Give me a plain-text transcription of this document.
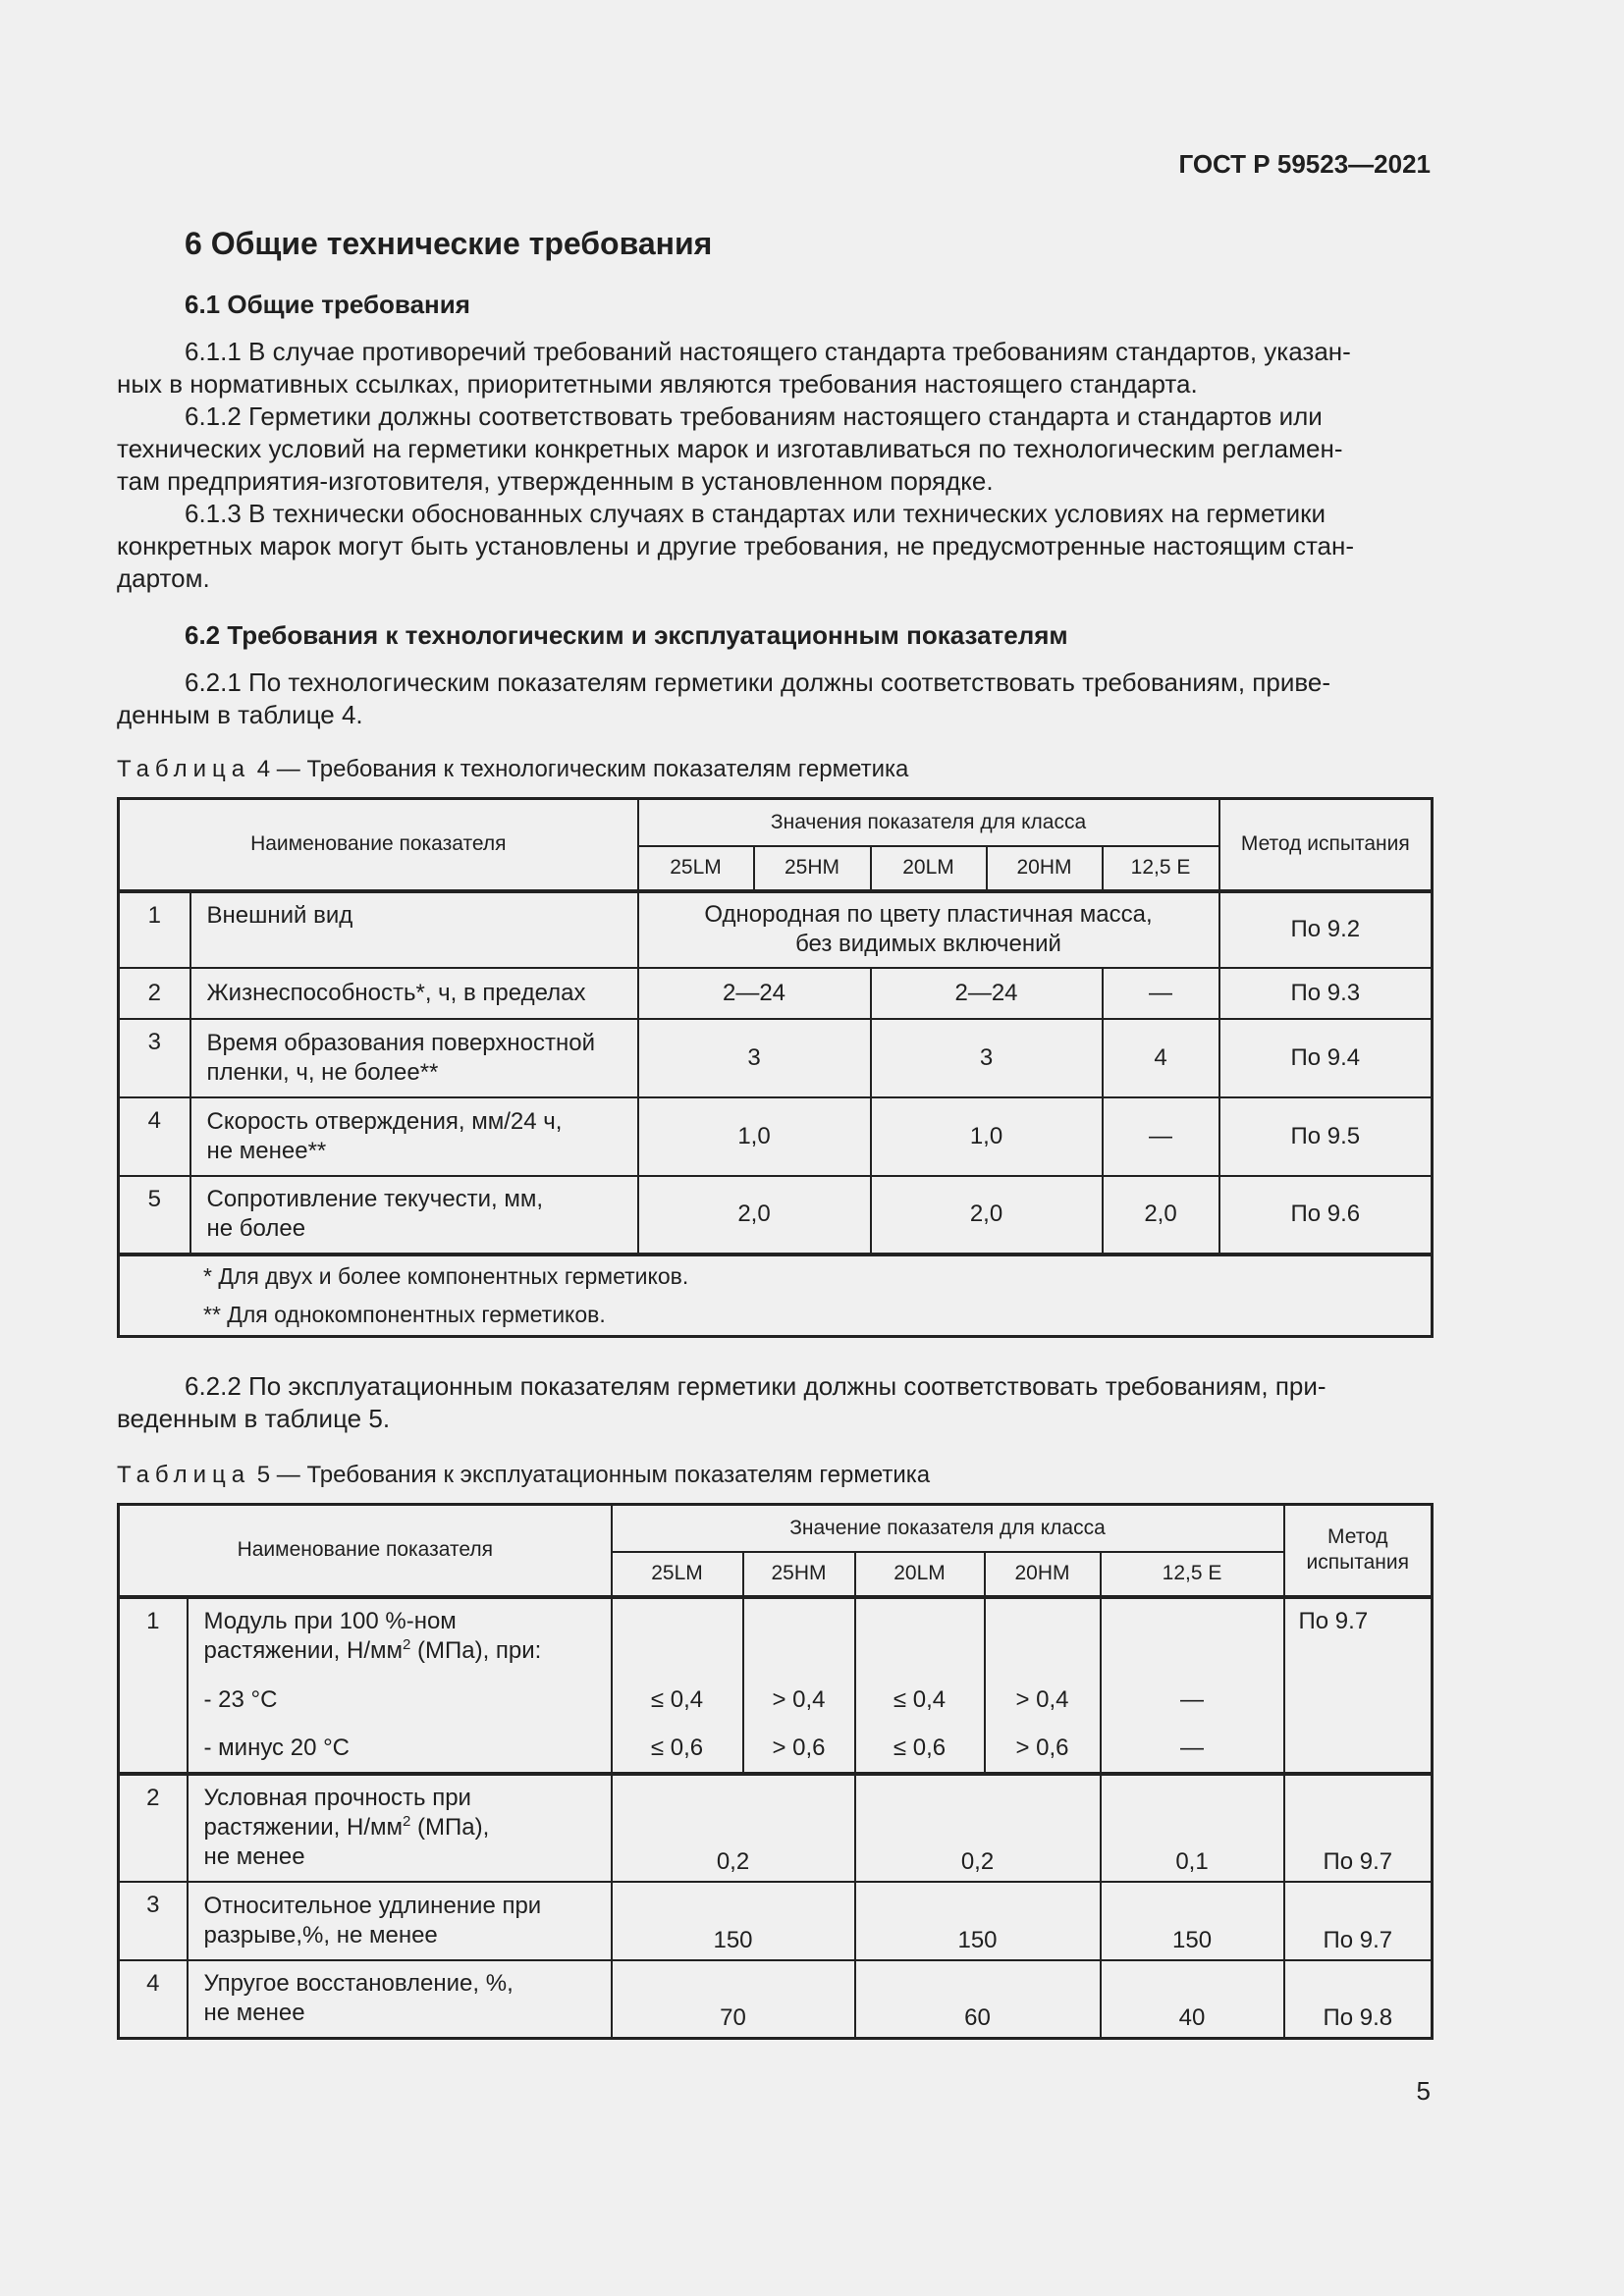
ГОСТ Р 59523—2021
6 Общие технические требования
6.1 Общие требования
6.1.1 В случае противоречий требований настоящего стандарта требованиям стандартов, указан-
ных в нормативных ссылках, приоритетными являются требования настоящего стандарта.
6.1.2 Герметики должны соответствовать требованиям настоящего стандарта и стандартов или
технических условий на герметики конкретных марок и изготавливаться по технологическим регламен-
там предприятия-изготовителя, утвержденным в установленном порядке.
6.1.3 В технически обоснованных случаях в стандартах или технических условиях на герметики
конкретных марок могут быть установлены и другие требования, не предусмотренные настоящим стан-
дартом.
6.2 Требования к технологическим и эксплуатационным показателям
6.2.1 По технологическим показателям герметики должны соответствовать требованиям, приве-
денным в таблице 4.
Таблица 4 — Требования к технологическим показателям герметика
Наименование показателя		Значения показателя для класса					Метод испытания
		25LM	25HM	20LM	20HM	12,5 E	
1	Внешний вид	Однородная по цвету пластичная масса,
без видимых включений					По 9.2
2	Жизнеспособность*, ч, в пределах	2—24		2—24		—	По 9.3
3	Время образования поверхностной
пленки, ч, не более**	3		3		4	По 9.4
4	Скорость отверждения, мм/24 ч,
не менее**	1,0		1,0		—	По 9.5
5	Сопротивление текучести, мм,
не более	2,0		2,0		2,0	По 9.6

* Для двух и более компонентных герметиков.
** Для однокомпонентных герметиков.							
6.2.2 По эксплуатационным показателям герметики должны соответствовать требованиям, при-
веденным в таблице 5.
Таблица 5 — Требования к эксплуатационным показателям герметика
Наименование показателя		Значение показателя для класса					Метод
испытания

		25LM	25HM	20LM	20HM	12,5 E	
1	Модуль при 100 %-ном
растяжении, $Н/мм^2$ (МПа), при:						По 9.7
	- 23 °С	≤ 0,4	> 0,4	≤ 0,4	> 0,4	—	
	- минус 20 °С	≤ 0,6	> 0,6	≤ 0,6	> 0,6	—	
2	Условная прочность при
растяжении, $Н/мм^2$ (МПа),
не менее	0,2		0,2		0,1	По 9.7
3	Относительное удлинение при
разрыве,%, не менее	150		150		150	По 9.7
4	Упругое восстановление, %,
не менее	70		60		40	По 9.8
5
